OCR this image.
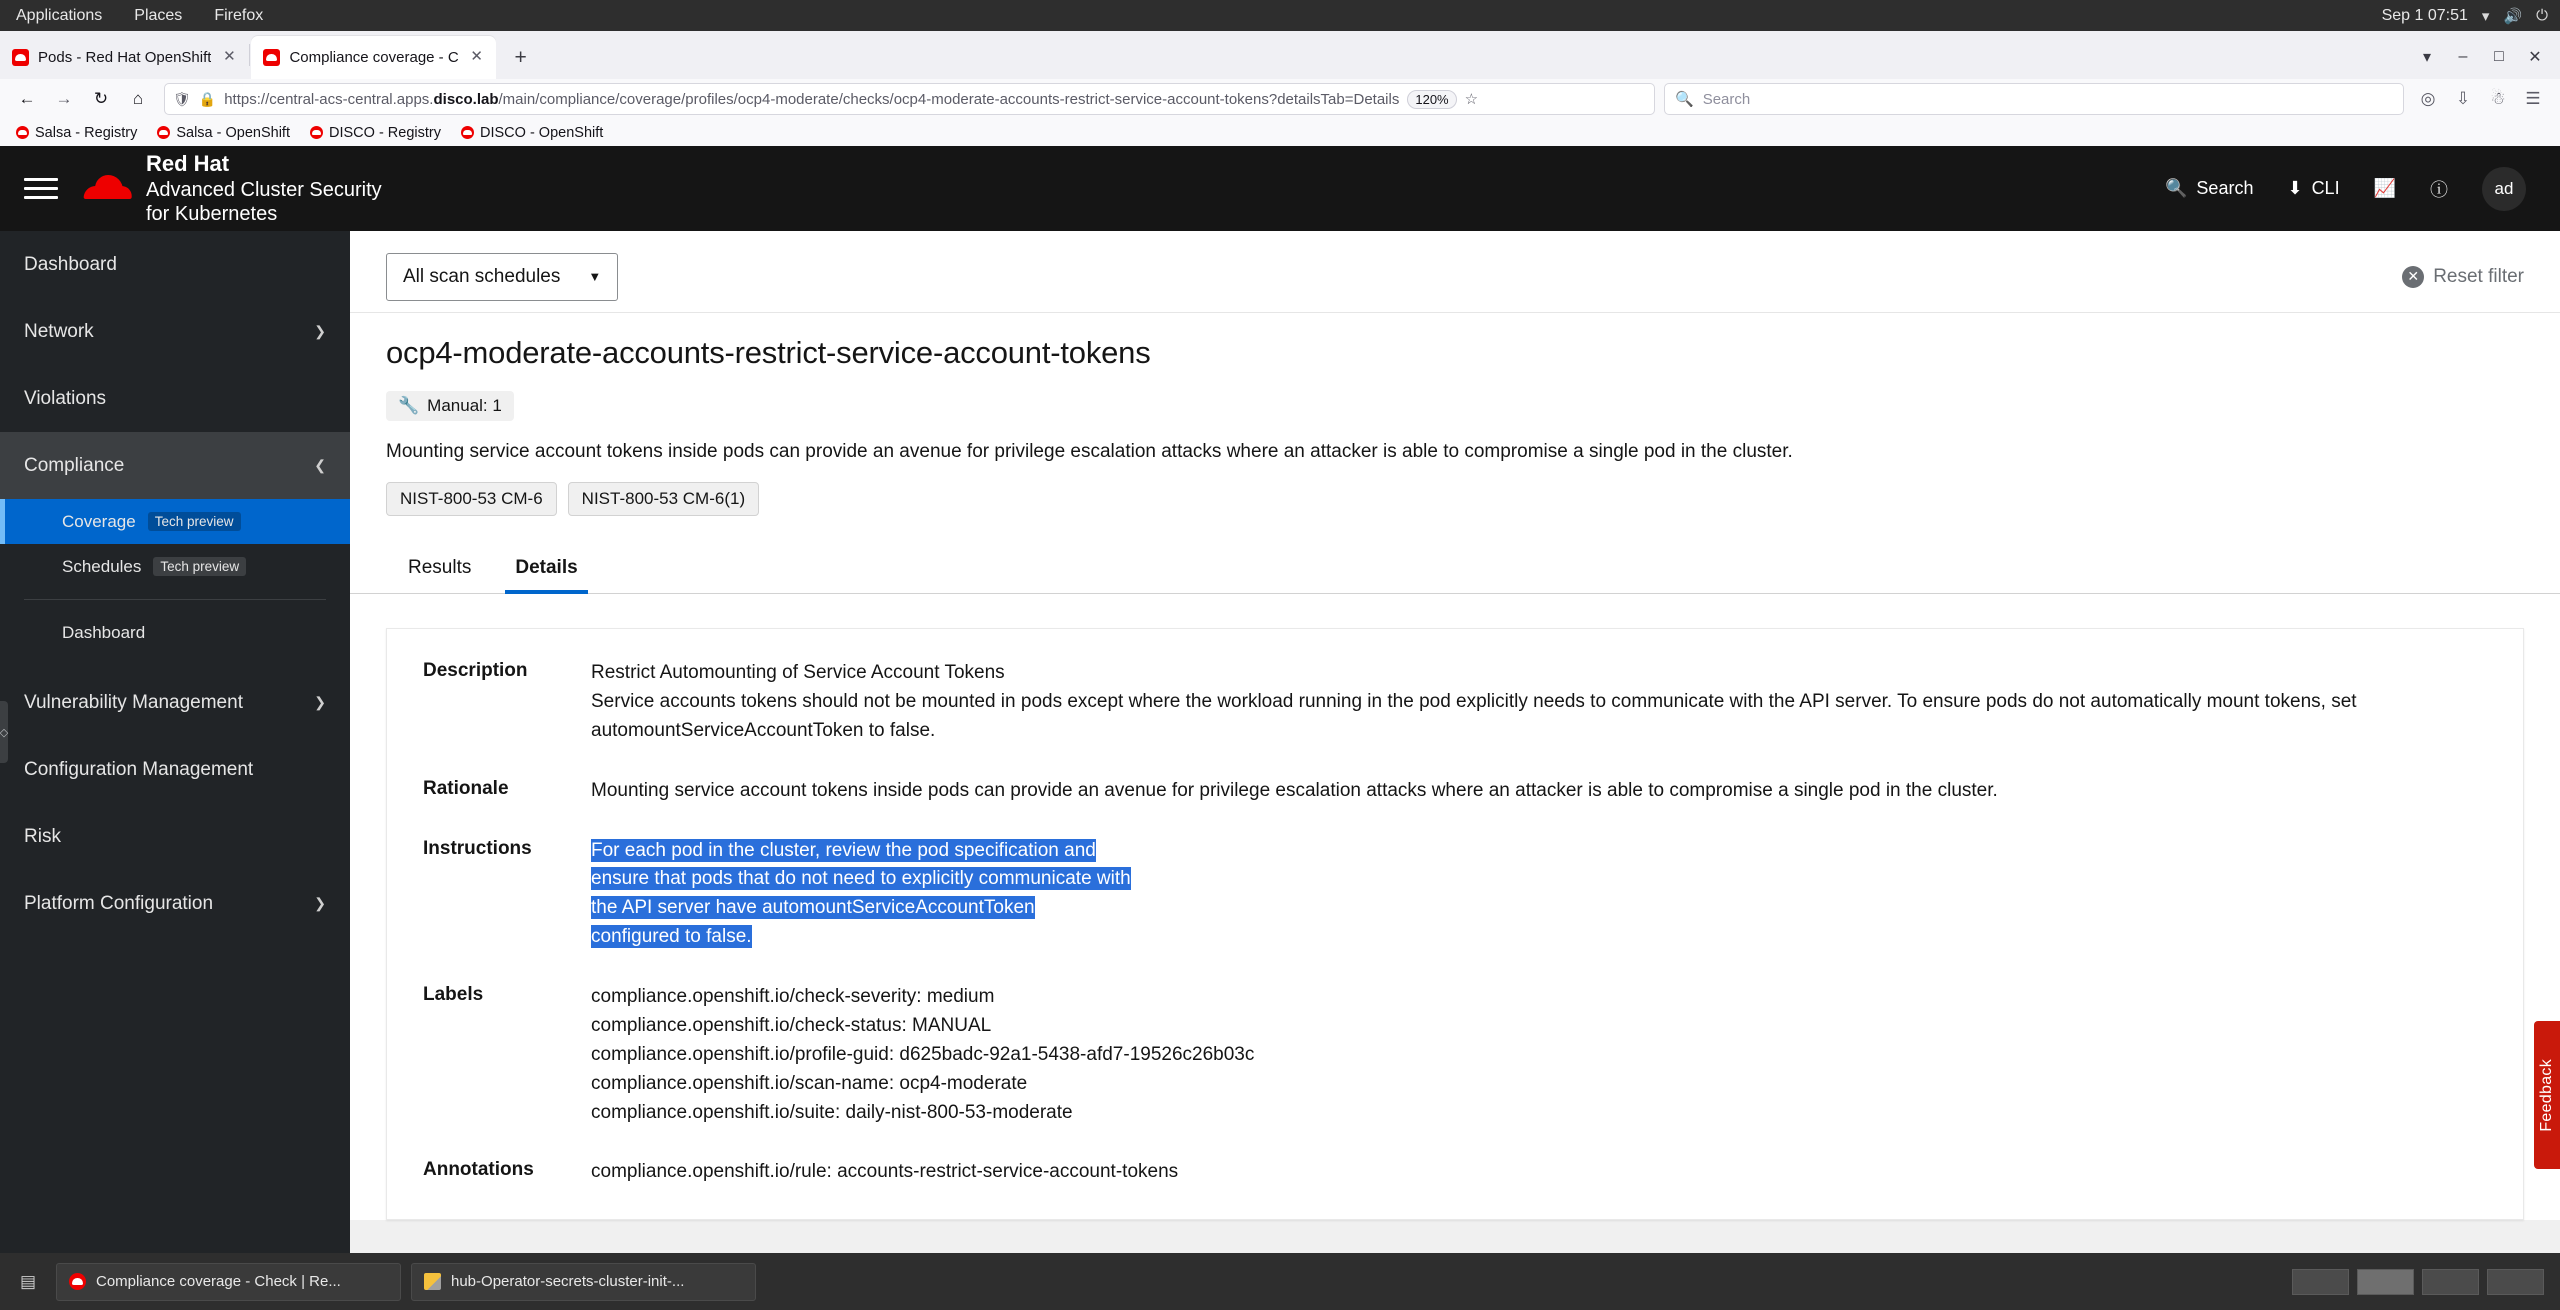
Applications	Places	Firefox	Sep 1 07:51 ▾ 🔊 ⏻
Pods - Red Hat OpenShift ✕	Compliance coverage - C ✕	+	▾	–	□	✕
←	→	↻	⌂	🛡 🔒 https://central-acs-central.apps.disco.lab/main/compliance/coverage/profiles/ocp4-moderate/checks/ocp4-moderate-accounts-restrict-service-account-tokens?detailsTab=Details	120%	☆	🔍 Search	◎	⇩	☃	☰
Salsa - Registry	Salsa - OpenShift	DISCO - Registry	DISCO - OpenShift
Red Hat
Advanced Cluster Security
for Kubernetes
🔍 Search ⬇ CLI 📈 ⓘ	ad
Dashboard
Network	❯
Violations
Compliance	❮
Coverage	Tech preview
Schedules	Tech preview
Dashboard
Vulnerability Management	❯
Configuration Management
Risk
Platform Configuration	❯
◇
All scan schedules ▼	✕ Reset filter
ocp4-moderate-accounts-restrict-service-account-tokens
🔧 Manual: 1
Mounting service account tokens inside pods can provide an avenue for privilege escalation attacks where an attacker is able to compromise a single pod in the cluster.
NIST-800-53 CM-6	NIST-800-53 CM-6(1)
Results	Details
Description	Restrict Automounting of Service Account Tokens
Service accounts tokens should not be mounted in pods except where the workload running in the pod explicitly needs to communicate with the API server. To ensure pods do not automatically mount tokens, set automountServiceAccountToken to false.
Rationale	Mounting service account tokens inside pods can provide an avenue for privilege escalation attacks where an attacker is able to compromise a single pod in the cluster.
Instructions	For each pod in the cluster, review the pod specification and
ensure that pods that do not need to explicitly communicate with
the API server have automountServiceAccountToken
configured to false.
Labels	compliance.openshift.io/check-severity: medium
compliance.openshift.io/check-status: MANUAL
compliance.openshift.io/profile-guid: d625badc-92a1-5438-afd7-19526c26b03c
compliance.openshift.io/scan-name: ocp4-moderate
compliance.openshift.io/suite: daily-nist-800-53-moderate
Annotations	compliance.openshift.io/rule: accounts-restrict-service-account-tokens
Feedback
▤	Compliance coverage - Check | Re...	hub-Operator-secrets-cluster-init-...
